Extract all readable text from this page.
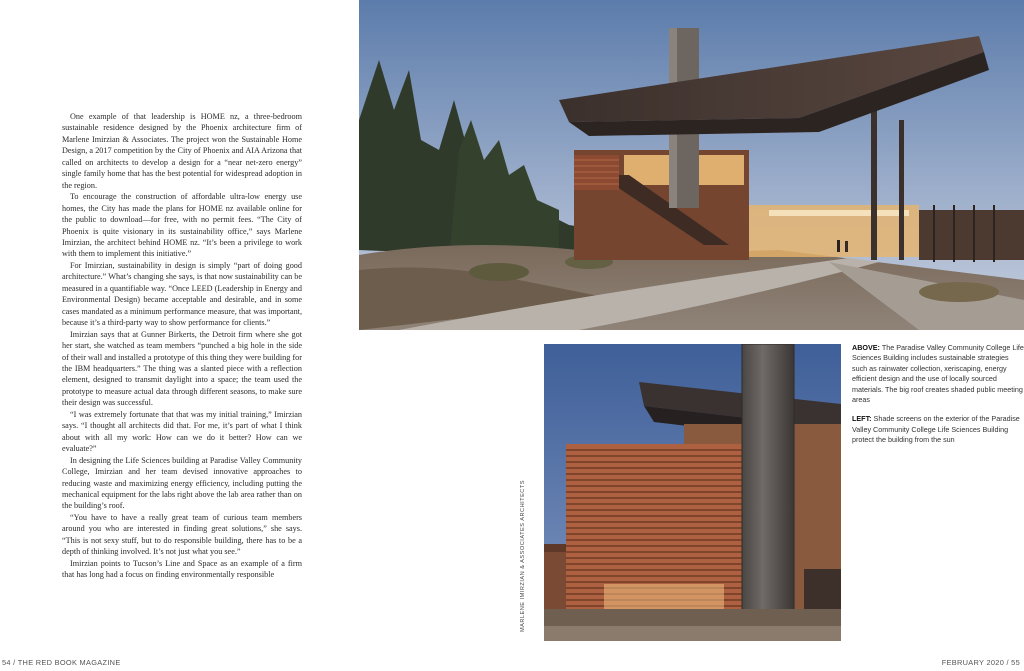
One example of that leadership is HOME nz, a three-bedroom sustainable residence designed by the Phoenix architecture firm of Marlene Imirzian & Associates. The project won the Sustainable Home Design, a 2017 competition by the City of Phoenix and AIA Arizona that called on architects to develop a design for a “near net-zero energy” single family home that has the best potential for widespread adoption in the region.

To encourage the construction of affordable ultra-low energy use homes, the City has made the plans for HOME nz available online for the public to download—for free, with no permit fees. “The City of Phoenix is quite visionary in its sustainability office,” says Marlene Imirzian, the architect behind HOME nz. “It’s been a privilege to work with them to implement this initiative.”

For Imirzian, sustainability in design is simply “part of doing good architecture.” What’s changing she says, is that now sustainability can be measured in a quantifiable way. “Once LEED (Leadership in Energy and Environmental Design) became acceptable and desirable, and in some cases mandated as a minimum performance measure, that was important, because it’s a third-party way to show performance for clients.”

Imirzian says that at Gunner Birkerts, the Detroit firm where she got her start, she watched as team members “punched a big hole in the side of their wall and installed a prototype of this thing they were building for the IBM headquarters.” The thing was a slanted piece with a reflection element, designed to transmit daylight into a space; the team used the prototype to measure actual data through different seasons, to make sure their design was successful.

“I was extremely fortunate that that was my initial training,” Imirzian says. “I thought all architects did that. For me, it’s part of what I think about with all my work: How can we do it better? How can we evaluate?”

In designing the Life Sciences building at Paradise Valley Community College, Imirzian and her team devised innovative approaches to reducing waste and maximizing energy efficiency, including putting the mechanical equipment for the labs right above the lab area rather than on the building’s roof.

“You have to have a really great team of curious team members around you who are interested in finding great solutions,” she says. “This is not sexy stuff, but to do responsible building, there has to be a depth of thinking involved. It’s not just what you see.”

Imirzian points to Tucson’s Line and Space as an example of a firm that has long had a focus on finding environmentally responsible	MARLENE IMIRZIAN & ASSOCIATES ARCHITECTS

ABOVE: The Paradise Valley Community College Life Sciences Building includes sustainable strategies such as rainwater collection, xeriscaping, energy efficient design and the use of locally sourced materials. The big roof creates shaded public meeting areas

LEFT: Shade screens on the exterior of the Paradise Valley Community College Life Sciences Building protect the building from the sun

54 / THE RED BOOK MAGAZINE	FEBRUARY 2020 / 55
